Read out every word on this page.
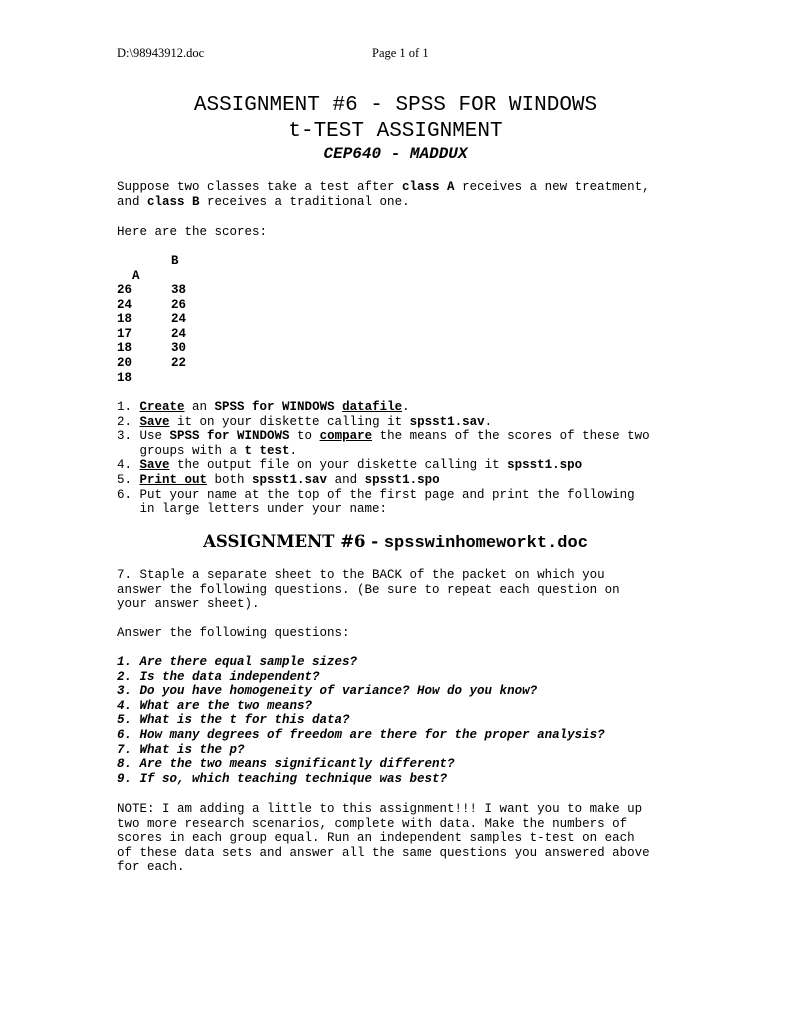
D:\98943912.doc	Page 1 of 1
ASSIGNMENT #6 - SPSS FOR WINDOWS
t-TEST ASSIGNMENT
CEP640 - MADDUX
Suppose two classes take a test after class A receives a new treatment,
and class B receives a traditional one.
Here are the scores:

A

B

26	38
24	26
18	24
17	24
18	30
20	22
18
1. Create an SPSS for WINDOWS datafile.
2. Save it on your diskette calling it spsst1.sav.
3. Use SPSS for WINDOWS to compare the means of the scores of these two
groups with a t test.
4. Save the output file on your diskette calling it spsst1.spo
5. Print out both spsst1.sav and spsst1.spo
6. Put your name at the top of the first page and print the following
in large letters under your name:
ASSIGNMENT #6 - spsswinhomeworkt.doc
7. Staple a separate sheet to the BACK of the packet on which you
answer the following questions. (Be sure to repeat each question on
your answer sheet).
Answer the following questions:
1. Are there equal sample sizes?
2. Is the data independent?
3. Do you have homogeneity of variance? How do you know?
4. What are the two means?
5. What is the t for this data?
6. How many degrees of freedom are there for the proper analysis?
7. What is the p?
8. Are the two means significantly different?
9. If so, which teaching technique was best?
NOTE: I am adding a little to this assignment!!! I want you to make up
two more research scenarios, complete with data. Make the numbers of
scores in each group equal. Run an independent samples t-test on each
of these data sets and answer all the same questions you answered above
for each.
